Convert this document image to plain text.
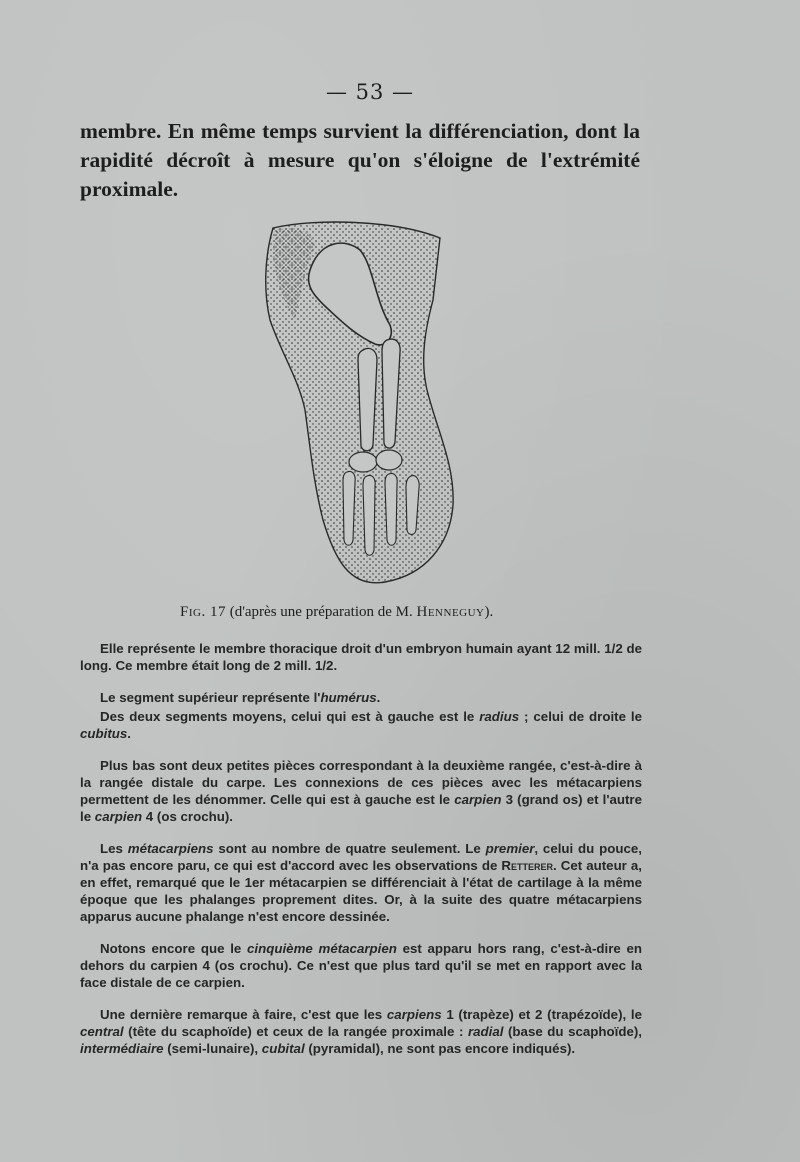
— 53 —
membre. En même temps survient la différenciation, dont la rapidité décroît à mesure qu'on s'éloigne de l'extrémité proximale.
Fig. 17 (d'après une préparation de M. Henneguy).

Elle représente le membre thoracique droit d'un embryon humain ayant 12 mill. 1/2 de long. Ce membre était long de 2 mill. 1/2.

Le segment supérieur représente l'humérus.

Des deux segments moyens, celui qui est à gauche est le radius ; celui de droite le cubitus.

Plus bas sont deux petites pièces correspondant à la deuxième rangée, c'est-à-dire à la rangée distale du carpe. Les connexions de ces pièces avec les métacarpiens permettent de les dénommer. Celle qui est à gauche est le carpien 3 (grand os) et l'autre le carpien 4 (os crochu).

Les métacarpiens sont au nombre de quatre seulement. Le premier, celui du pouce, n'a pas encore paru, ce qui est d'accord avec les observations de Retterer. Cet auteur a, en effet, remarqué que le 1er métacarpien se différenciait à l'état de cartilage à la même époque que les phalanges proprement dites. Or, à la suite des quatre métacarpiens apparus aucune phalange n'est encore dessinée.

Notons encore que le cinquième métacarpien est apparu hors rang, c'est-à-dire en dehors du carpien 4 (os crochu). Ce n'est que plus tard qu'il se met en rapport avec la face distale de ce carpien.

Une dernière remarque à faire, c'est que les carpiens 1 (trapèze) et 2 (trapézoïde), le central (tête du scaphoïde) et ceux de la rangée proximale : radial (base du scaphoïde), intermédiaire (semi-lunaire), cubital (pyramidal), ne sont pas encore indiqués).
